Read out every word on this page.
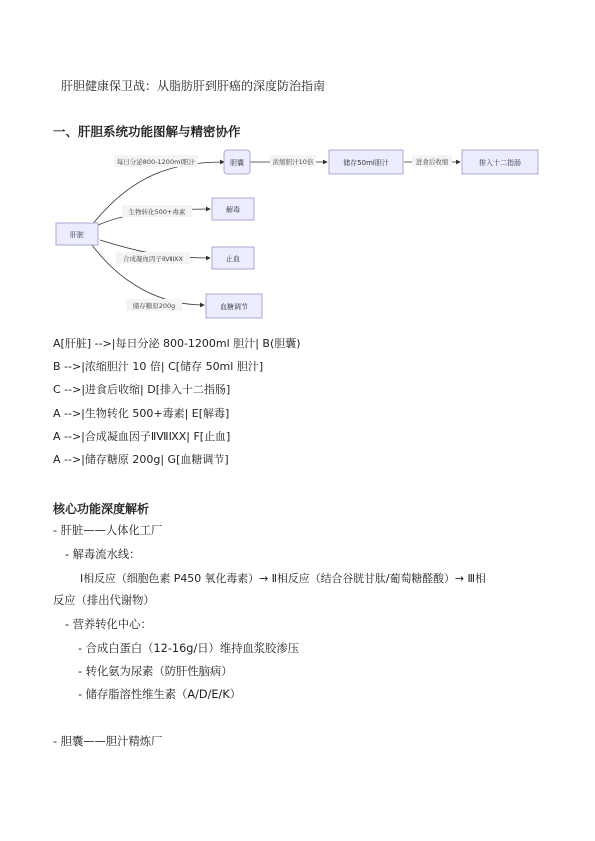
肝胆健康保卫战：从脂肪肝到肝癌的深度防治指南
一、肝胆系统功能图解与精密协作
每日分泌800-1200ml胆汁	浓缩胆汁10倍	进食后收缩
生物转化500+毒素
合成凝血因子ⅡⅦⅨⅩ
储存糖原200g
肝脏
胆囊	储存50ml胆汁	排入十二指肠
解毒
止血
血糖调节
A[肝脏] -->|每日分泌 800-1200ml 胆汁| B(胆囊)
B -->|浓缩胆汁 10 倍| C[储存 50ml 胆汁]
C -->|进食后收缩| D[排入十二指肠]
A -->|生物转化 500+毒素| E[解毒]
A -->|合成凝血因子ⅡⅦⅨⅩ| F[止血]
A -->|储存糖原 200g| G[血糖调节]
核心功能深度解析
- 肝脏——人体化工厂
- 解毒流水线：
Ⅰ相反应（细胞色素 P450 氧化毒素）→ Ⅱ相反应（结合谷胱甘肽/葡萄糖醛酸）→ Ⅲ相
反应（排出代谢物）
- 营养转化中心：
- 合成白蛋白（12-16g/日）维持血浆胶渗压
- 转化氨为尿素（防肝性脑病）
- 储存脂溶性维生素（A/D/E/K）
- 胆囊——胆汁精炼厂
